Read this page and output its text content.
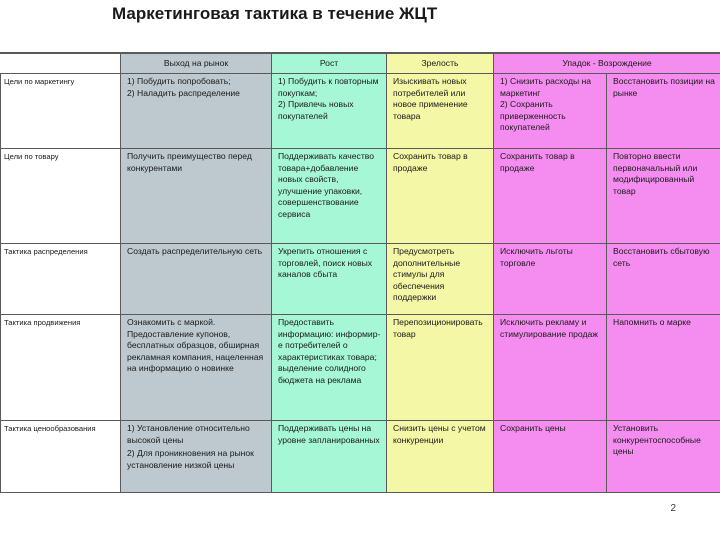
Маркетинговая тактика в течение ЖЦТ
	Выход на рынок	Рост	Зрелость	Упадок - Возрождение	
Цели по маркетингу	1) Побудить попробовать;
2) Наладить распределение	1) Побудить к повторным покупкам;
2) Привлечь новых покупателей	Изыскивать новых потребителей или новое применение товара	1) Снизить расходы на маркетинг
2) Сохранить приверженность покупателей	Восстановить позиции на рынке

Цели по товару	Получить преимущество перед конкурентами	Поддерживать качество товара+добавление новых свойств, улучшение упаковки, совершенствование сервиса	Сохранить товар в продаже	Сохранить товар в продаже	Повторно ввести первоначальный или модифицированный товар

Тактика распределения	Создать распределительную сеть	Укрепить отношения с торговлей, поиск новых каналов сбыта	Предусмотреть дополнительные стимулы для обеспечения поддержки	Исключить льготы торговле	Восстановить сбытовую сеть

Тактика продвижения	Ознакомить с маркой. Предоставление купонов, бесплатных образцов, обширная рекламная компания, нацеленная на информацию о новинке	Предоставить информацию: информир-е потребителей о характеристиках товара; выделение солидного бюджета на реклама	Перепозиционировать товар	Исключить рекламу и стимулирование продаж	Напомнить о марке

Тактика ценообразования	1) Установление относительно высокой цены
2) Для проникновения на рынок установление низкой цены	Поддерживать цены на уровне запланированных	Снизить цены с учетом конкуренции	Сохранить цены	Установить конкурентоспособные цены
2
